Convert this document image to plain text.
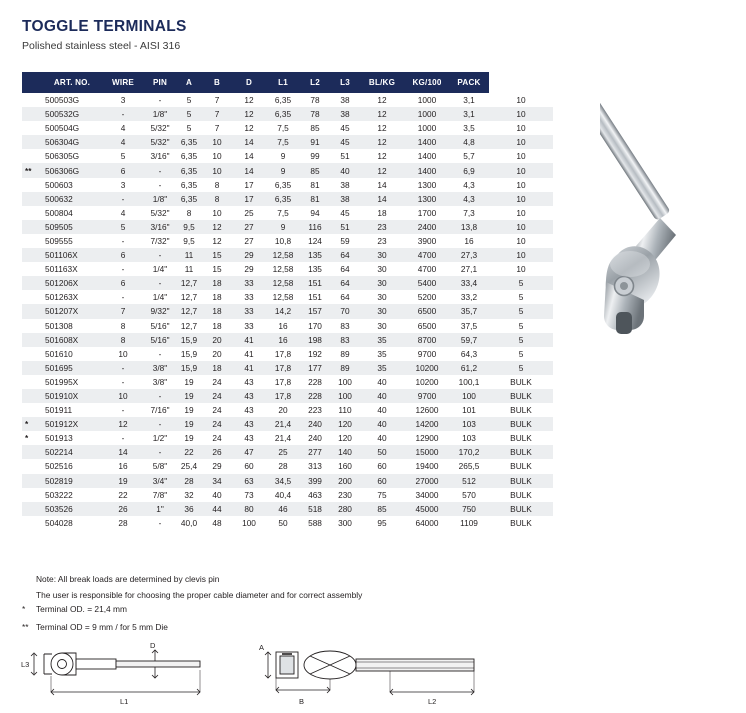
TOGGLE TERMINALS
Polished stainless steel - AISI 316
	ART. NO.	WIRE	PIN	A	B	D	L1	L2	L3	BL/KG	KG/100	PACK	
	500503G	3	-	5	7	12	6,35	78	38	12	1000	3,1	10
	500532G	-	1/8"	5	7	12	6,35	78	38	12	1000	3,1	10
	500504G	4	5/32"	5	7	12	7,5	85	45	12	1000	3,5	10
	506304G	4	5/32"	6,35	10	14	7,5	91	45	12	1400	4,8	10
	506305G	5	3/16"	6,35	10	14	9	99	51	12	1400	5,7	10
**	506306G	6	-	6,35	10	14	9	85	40	12	1400	6,9	10
	500603	3	-	6,35	8	17	6,35	81	38	14	1300	4,3	10
	500632	-	1/8"	6,35	8	17	6,35	81	38	14	1300	4,3	10
	500804	4	5/32"	8	10	25	7,5	94	45	18	1700	7,3	10
	509505	5	3/16"	9,5	12	27	9	116	51	23	2400	13,8	10
	509555	-	7/32"	9,5	12	27	10,8	124	59	23	3900	16	10
	501106X	6	-	11	15	29	12,58	135	64	30	4700	27,3	10
	501163X	-	1/4"	11	15	29	12,58	135	64	30	4700	27,1	10
	501206X	6	-	12,7	18	33	12,58	151	64	30	5400	33,4	5
	501263X	-	1/4"	12,7	18	33	12,58	151	64	30	5200	33,2	5
	501207X	7	9/32"	12,7	18	33	14,2	157	70	30	6500	35,7	5
	501308	8	5/16"	12,7	18	33	16	170	83	30	6500	37,5	5
	501608X	8	5/16"	15,9	20	41	16	198	83	35	8700	59,7	5
	501610	10	-	15,9	20	41	17,8	192	89	35	9700	64,3	5
	501695	-	3/8"	15,9	18	41	17,8	177	89	35	10200	61,2	5
	501995X	-	3/8"	19	24	43	17,8	228	100	40	10200	100,1	BULK
	501910X	10	-	19	24	43	17,8	228	100	40	9700	100	BULK
	501911	-	7/16"	19	24	43	20	223	110	40	12600	101	BULK
*	501912X	12	-	19	24	43	21,4	240	120	40	14200	103	BULK
*	501913	-	1/2"	19	24	43	21,4	240	120	40	12900	103	BULK
	502214	14	-	22	26	47	25	277	140	50	15000	170,2	BULK
	502516	16	5/8"	25,4	29	60	28	313	160	60	19400	265,5	BULK
	502819	19	3/4"	28	34	63	34,5	399	200	60	27000	512	BULK
	503222	22	7/8"	32	40	73	40,4	463	230	75	34000	570	BULK
	503526	26	1"	36	44	80	46	518	280	85	45000	750	BULK
	504028	28	-	40,0	48	100	50	588	300	95	64000	1109	BULK
Note: All break loads are determined by clevis pin
The user is responsible for choosing the proper cable diameter and for correct assembly
* Terminal OD. = 21,4 mm
** Terminal OD = 9 mm / for 5 mm Die
L3
D
L1
A
B	L2
